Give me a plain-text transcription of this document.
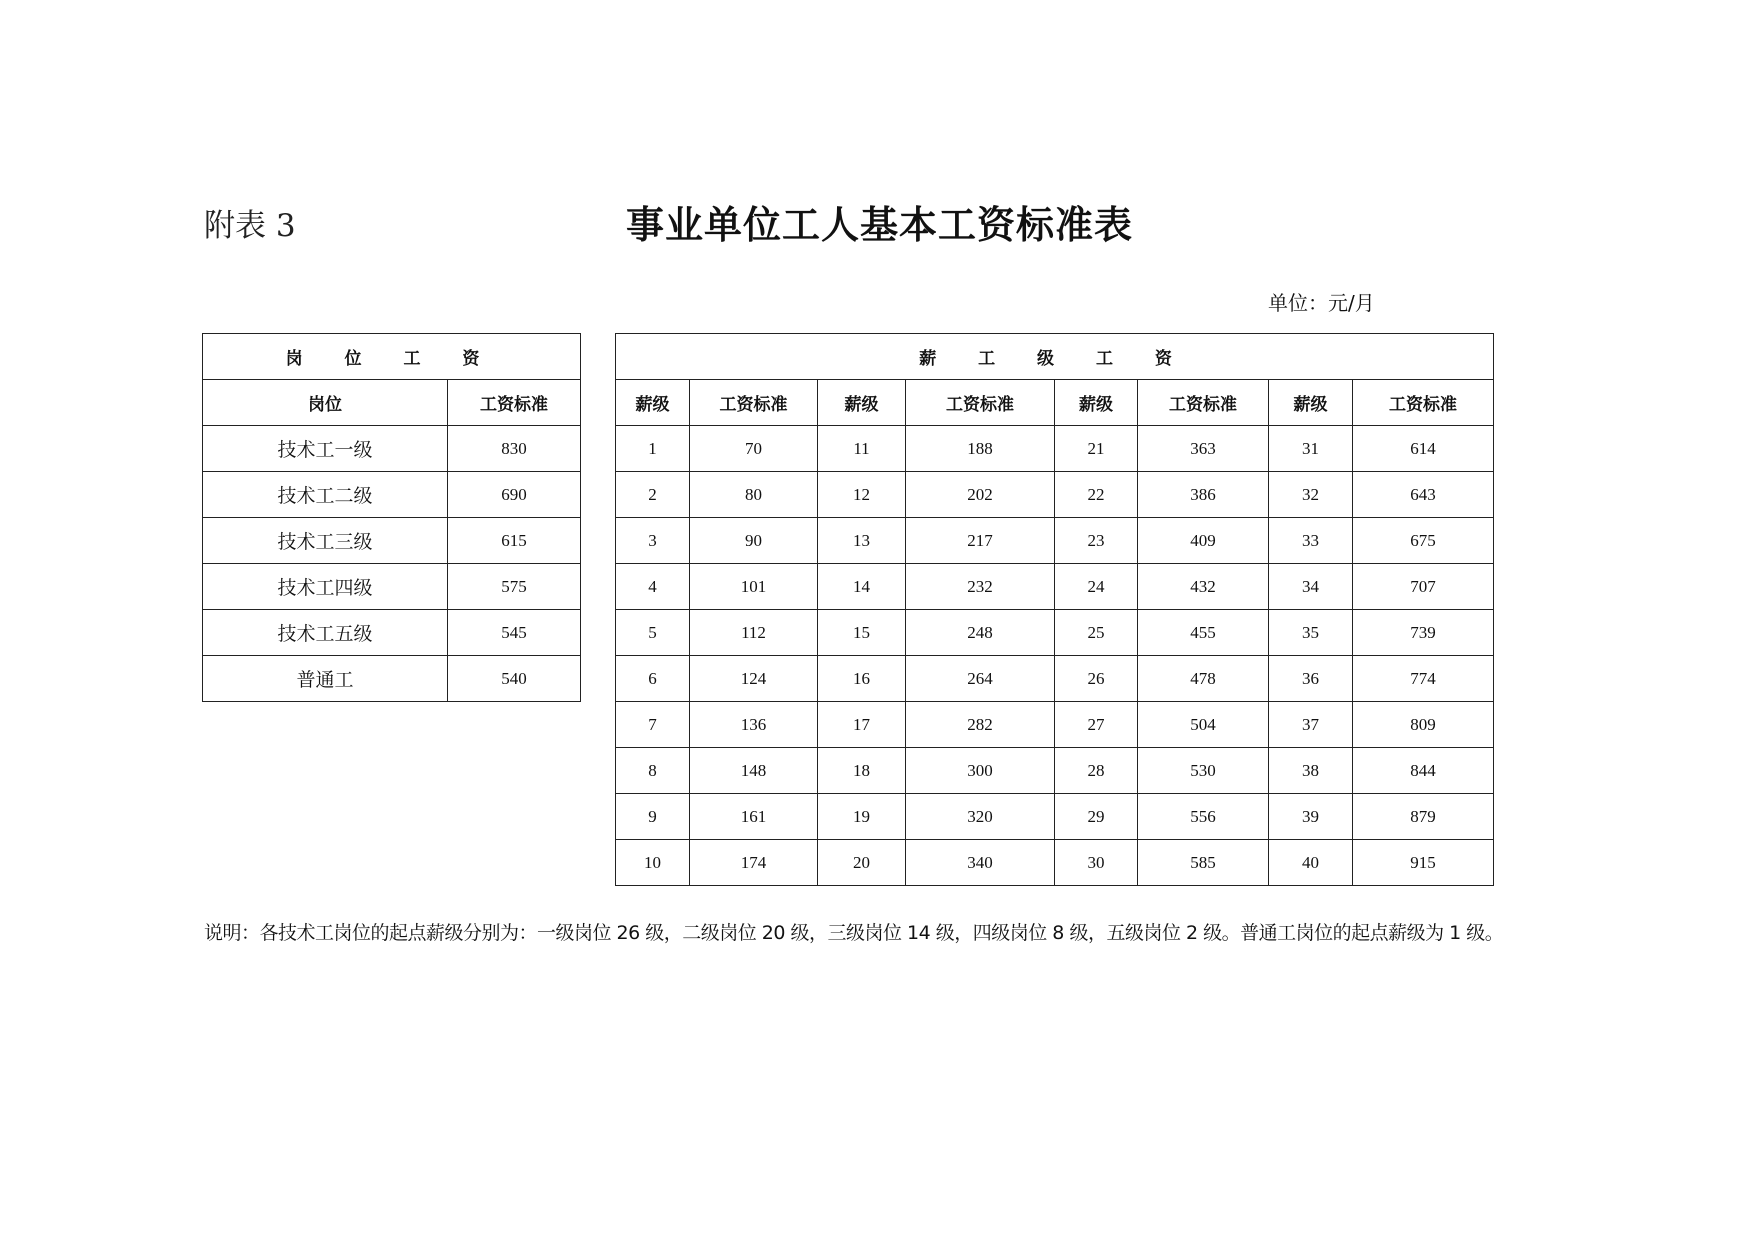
附表 3	事业单位工人基本工资标准表
单位：元/月
岗 位 工 资	
岗位	工资标准
技术工一级	830
技术工二级	690
技术工三级	615
技术工四级	575
技术工五级	545
普通工	540
薪 工 级 工 资							
薪级	工资标准	薪级	工资标准	薪级	工资标准	薪级	工资标准
1	70	11	188	21	363	31	614
2	80	12	202	22	386	32	643
3	90	13	217	23	409	33	675
4	101	14	232	24	432	34	707
5	112	15	248	25	455	35	739
6	124	16	264	26	478	36	774
7	136	17	282	27	504	37	809
8	148	18	300	28	530	38	844
9	161	19	320	29	556	39	879
10	174	20	340	30	585	40	915
说明：各技术工岗位的起点薪级分别为：一级岗位 26 级，二级岗位 20 级，三级岗位 14 级，四级岗位 8 级，五级岗位 2 级。普通工岗位的起点薪级为 1 级。
